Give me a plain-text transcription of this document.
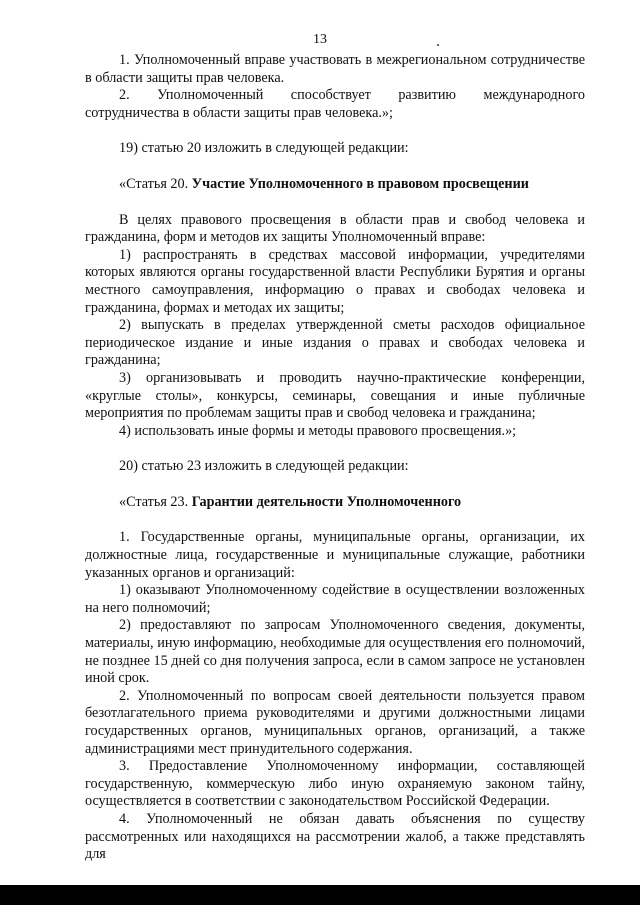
13

1. Уполномоченный вправе участвовать в межрегиональном сотрудничестве в области защиты прав человека.

2. Уполномоченный способствует развитию международного сотрудничества в области защиты прав человека.»;

19) статью 20 изложить в следующей редакции:

«Статья 20. Участие Уполномоченного в правовом просвещении

В целях правового просвещения в области прав и свобод человека и гражданина, форм и методов их защиты Уполномоченный вправе:

1) распространять в средствах массовой информации, учредителями которых являются органы государственной власти Республики Бурятия и органы местного самоуправления, информацию о правах и свободах человека и гражданина, формах и методах их защиты;

2) выпускать в пределах утвержденной сметы расходов официальное периодическое издание и иные издания о правах и свободах человека и гражданина;

3) организовывать и проводить научно-практические конференции, «круглые столы», конкурсы, семинары, совещания и иные публичные мероприятия по проблемам защиты прав и свобод человека и гражданина;

4) использовать иные формы и методы правового просвещения.»;

20) статью 23 изложить в следующей редакции:

«Статья 23. Гарантии деятельности Уполномоченного

1. Государственные органы, муниципальные органы, организации, их должностные лица, государственные и муниципальные служащие, работники указанных органов и организаций:

1) оказывают Уполномоченному содействие в осуществлении возложенных на него полномочий;

2) предоставляют по запросам Уполномоченного сведения, документы, материалы, иную информацию, необходимые для осуществления его полномочий, не позднее 15 дней со дня получения запроса, если в самом запросе не установлен иной срок.

2. Уполномоченный по вопросам своей деятельности пользуется правом безотлагательного приема руководителями и другими должностными лицами государственных органов, муниципальных органов, организаций, а также администрациями мест принудительного содержания.

3. Предоставление Уполномоченному информации, составляющей государственную, коммерческую либо иную охраняемую законом тайну, осуществляется в соответствии с законодательством Российской Федерации.

4. Уполномоченный не обязан давать объяснения по существу рассмотренных или находящихся на рассмотрении жалоб, а также представлять для
